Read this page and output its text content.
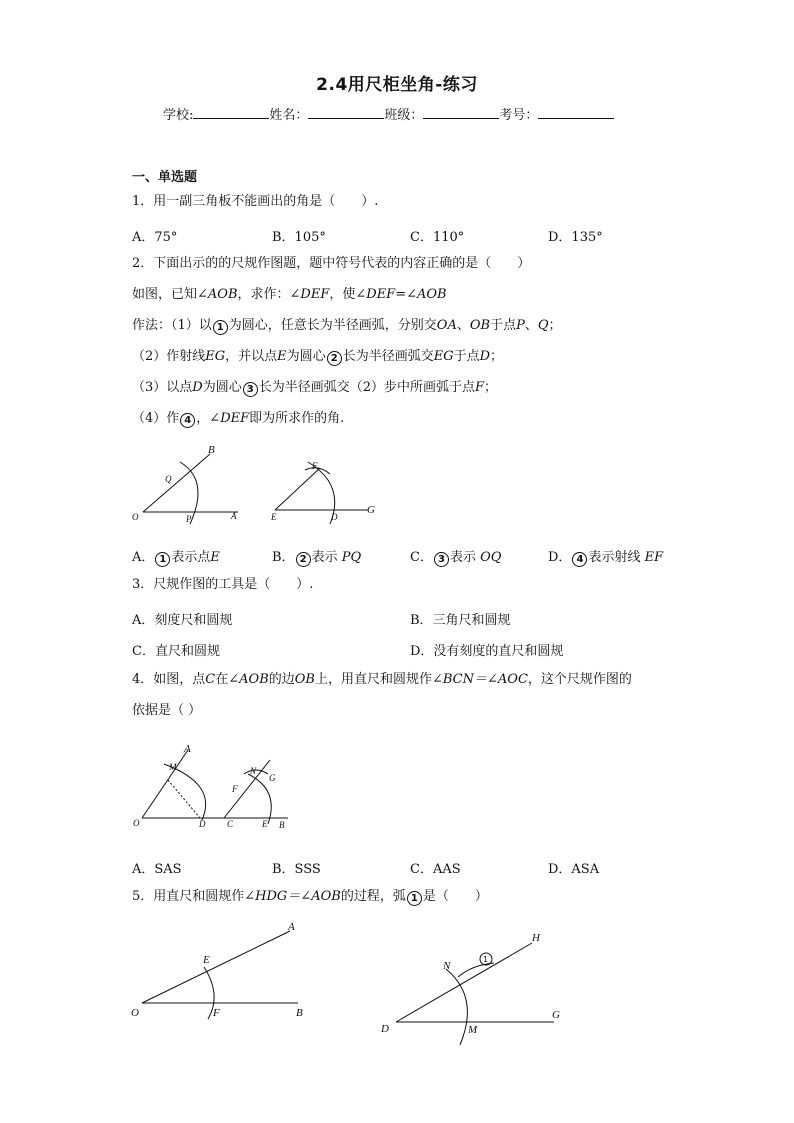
2.4用尺柜坐角-练习
学校:	姓名：	班级：	考号：
一、单选题
1．用一副三角板不能画出的角是（　　）.
A．75°	B．105°	C．110°	D．135°
2．下面出示的的尺规作图题，题中符号代表的内容正确的是（　　）
如图，已知∠AOB，求作：∠DEF，使∠DEF=∠AOB
作法：（1）以 1 为圆心，任意长为半径画弧，分别交OA、OB于点P、Q；
（2）作射线EG，并以点E为圆心 2 长为半径画弧交EG于点D；
（3）以点D为圆心 3 长为半径画弧交（2）步中所画弧于点F；
（4）作 4 ，∠DEF即为所求作的角.
B
Q
O	P	A
F
E	D
G
A． 1 表示点E	B． 2 表示 PQ	C． 3 表示 OQ	D． 4 表示射线 EF
3．尺规作图的工具是（　　）.
A．刻度尺和圆规	B．三角尺和圆规
C．直尺和圆规	D．没有刻度的直尺和圆规
4．如图，点C在∠AOB的边OB上，用直尺和圆规作∠BCN＝∠AOC，这个尺规作图的
依据是（ ）
A
M
O	D
N
G
F
C	E B
A．SAS	B．SSS	C．AAS	D．ASA
5．用直尺和圆规作∠HDG＝∠AOB的过程，弧 1 是（　　）
A
E
O	F	B
H
N
1
D	M
G
